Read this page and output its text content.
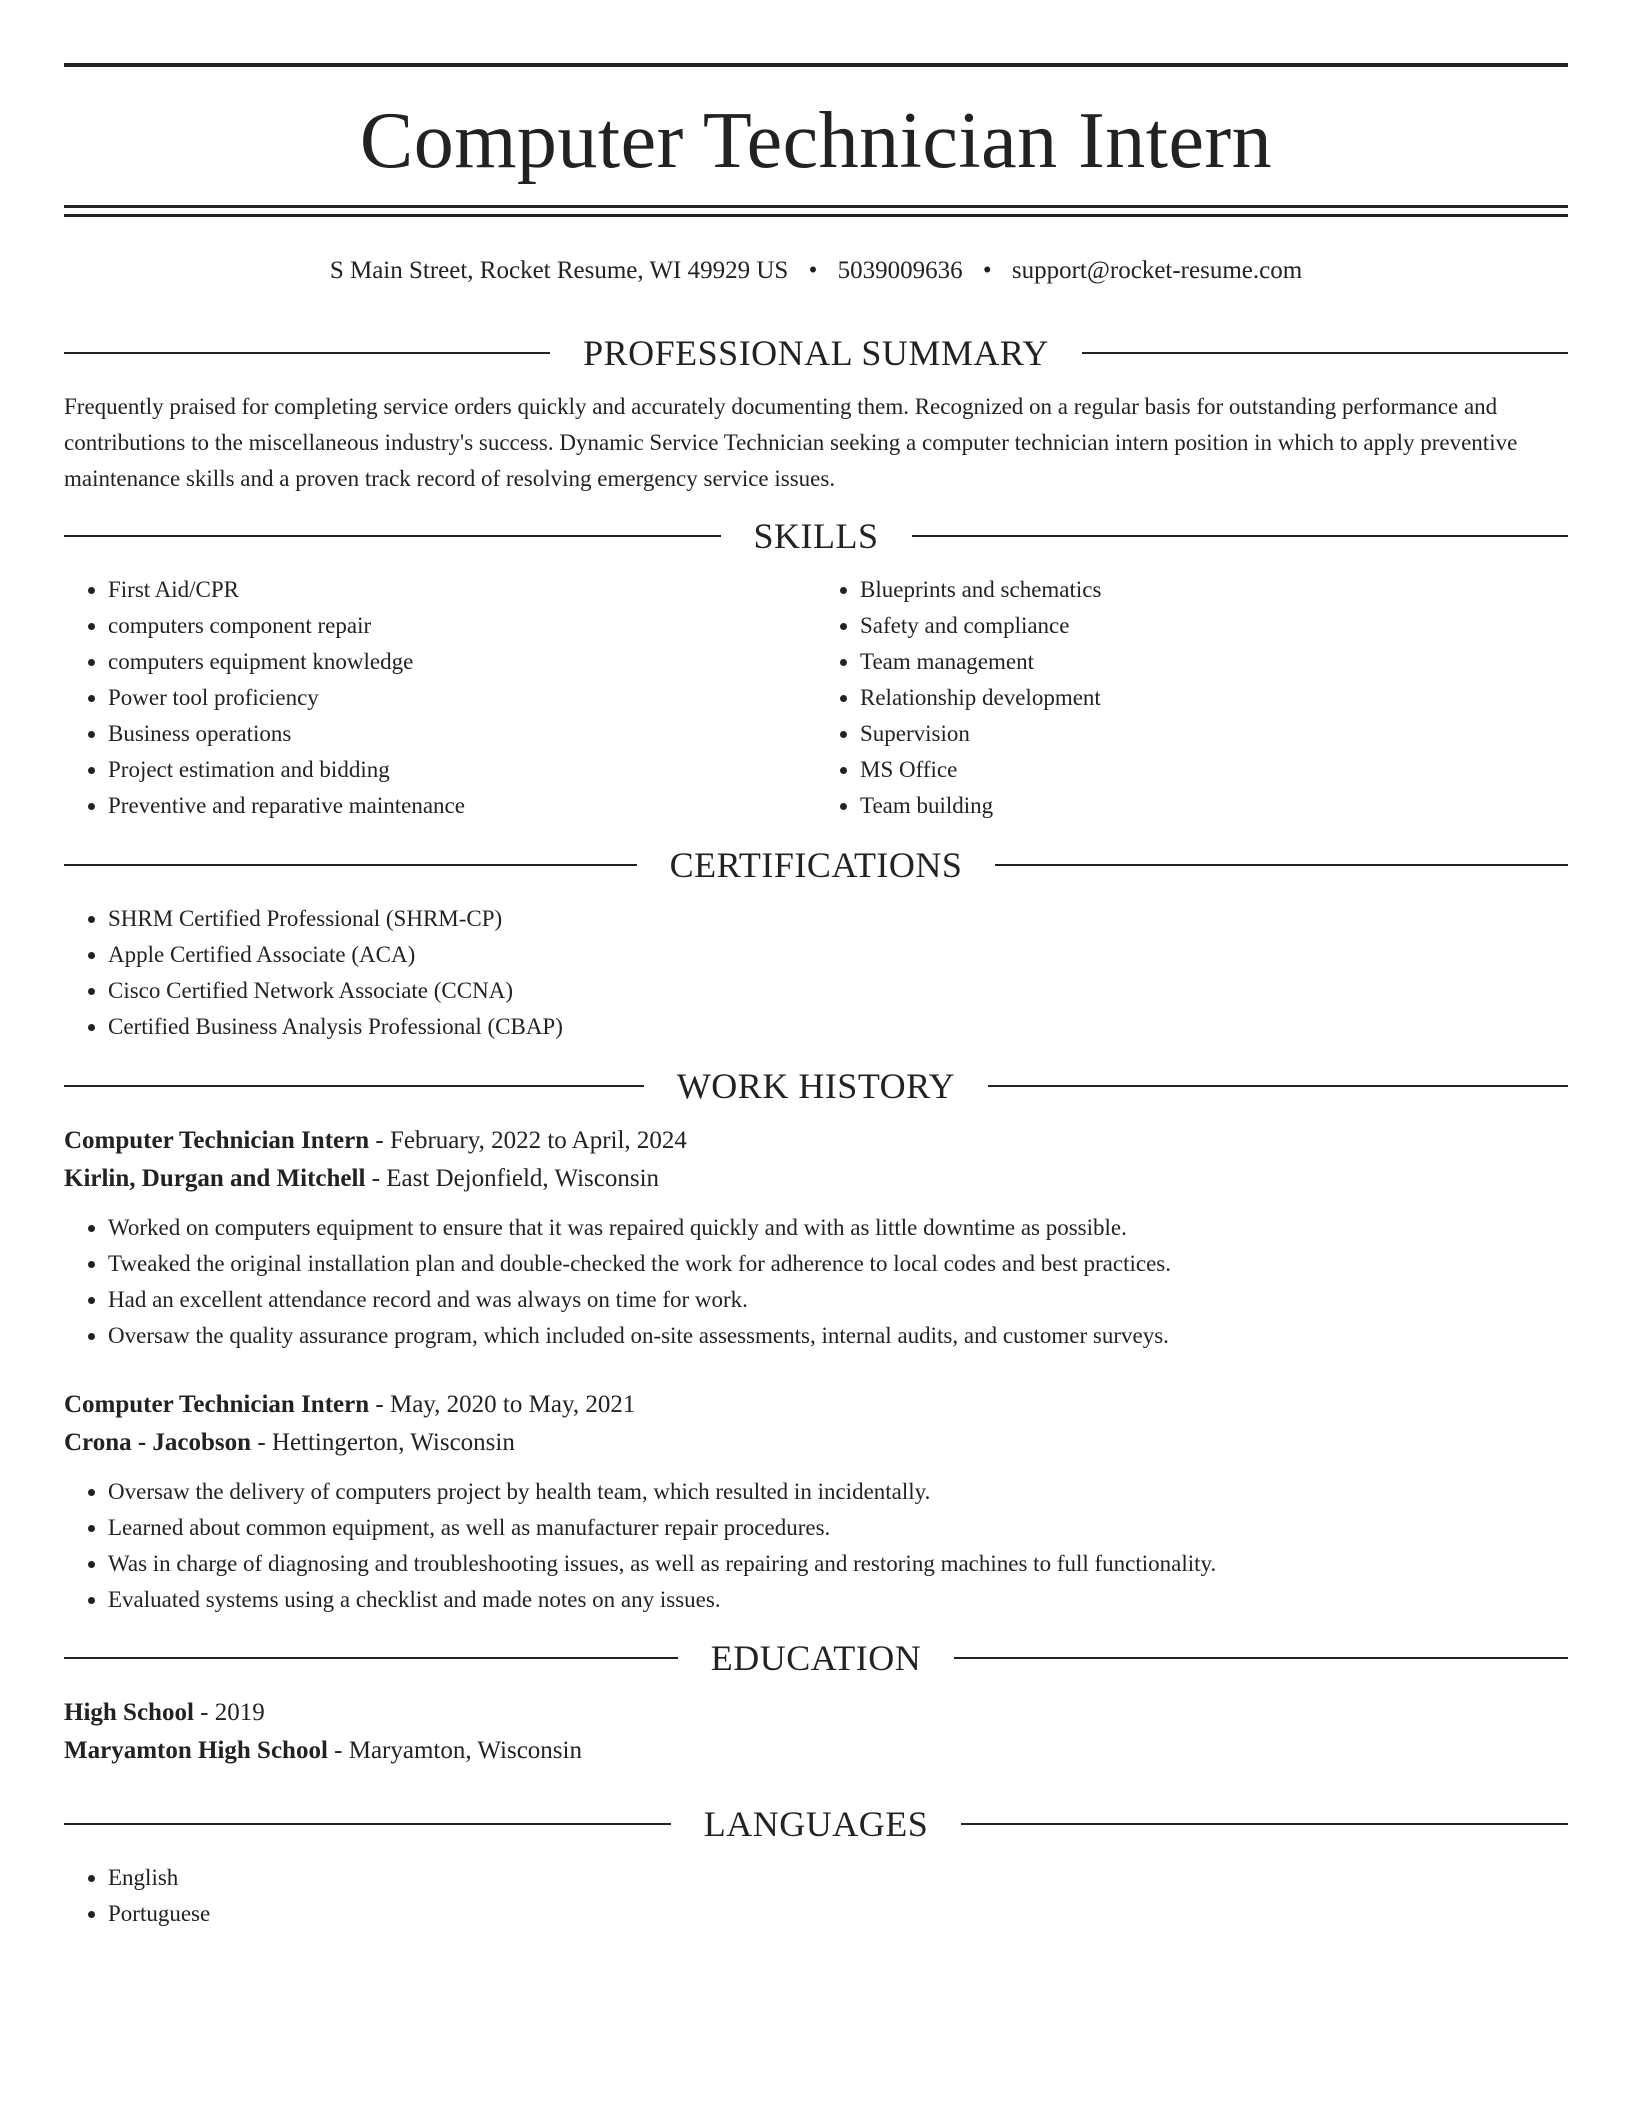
Computer Technician Intern
S Main Street, Rocket Resume, WI 49929 US • 5039009636 • support@rocket-resume.com
PROFESSIONAL SUMMARY

Frequently praised for completing service orders quickly and accurately documenting them. Recognized on a regular basis for outstanding performance and contributions to the miscellaneous industry's success. Dynamic Service Technician seeking a computer technician intern position in which to apply preventive maintenance skills and a proven track record of resolving emergency service issues.

SKILLS
• First Aid/CPR
• computers component repair
• computers equipment knowledge
• Power tool proficiency
• Business operations
• Project estimation and bidding
• Preventive and reparative maintenance
• Blueprints and schematics
• Safety and compliance
• Team management
• Relationship development
• Supervision
• MS Office
• Team building
CERTIFICATIONS
• SHRM Certified Professional (SHRM-CP)
• Apple Certified Associate (ACA)
• Cisco Certified Network Associate (CCNA)
• Certified Business Analysis Professional (CBAP)
WORK HISTORY
Computer Technician Intern - February, 2022 to April, 2024
Kirlin, Durgan and Mitchell - East Dejonfield, Wisconsin
• Worked on computers equipment to ensure that it was repaired quickly and with as little downtime as possible.
• Tweaked the original installation plan and double-checked the work for adherence to local codes and best practices.
• Had an excellent attendance record and was always on time for work.
• Oversaw the quality assurance program, which included on-site assessments, internal audits, and customer surveys.
Computer Technician Intern - May, 2020 to May, 2021
Crona - Jacobson - Hettingerton, Wisconsin
• Oversaw the delivery of computers project by health team, which resulted in incidentally.
• Learned about common equipment, as well as manufacturer repair procedures.
• Was in charge of diagnosing and troubleshooting issues, as well as repairing and restoring machines to full functionality.
• Evaluated systems using a checklist and made notes on any issues.
EDUCATION
High School - 2019
Maryamton High School - Maryamton, Wisconsin
LANGUAGES
• English
• Portuguese
